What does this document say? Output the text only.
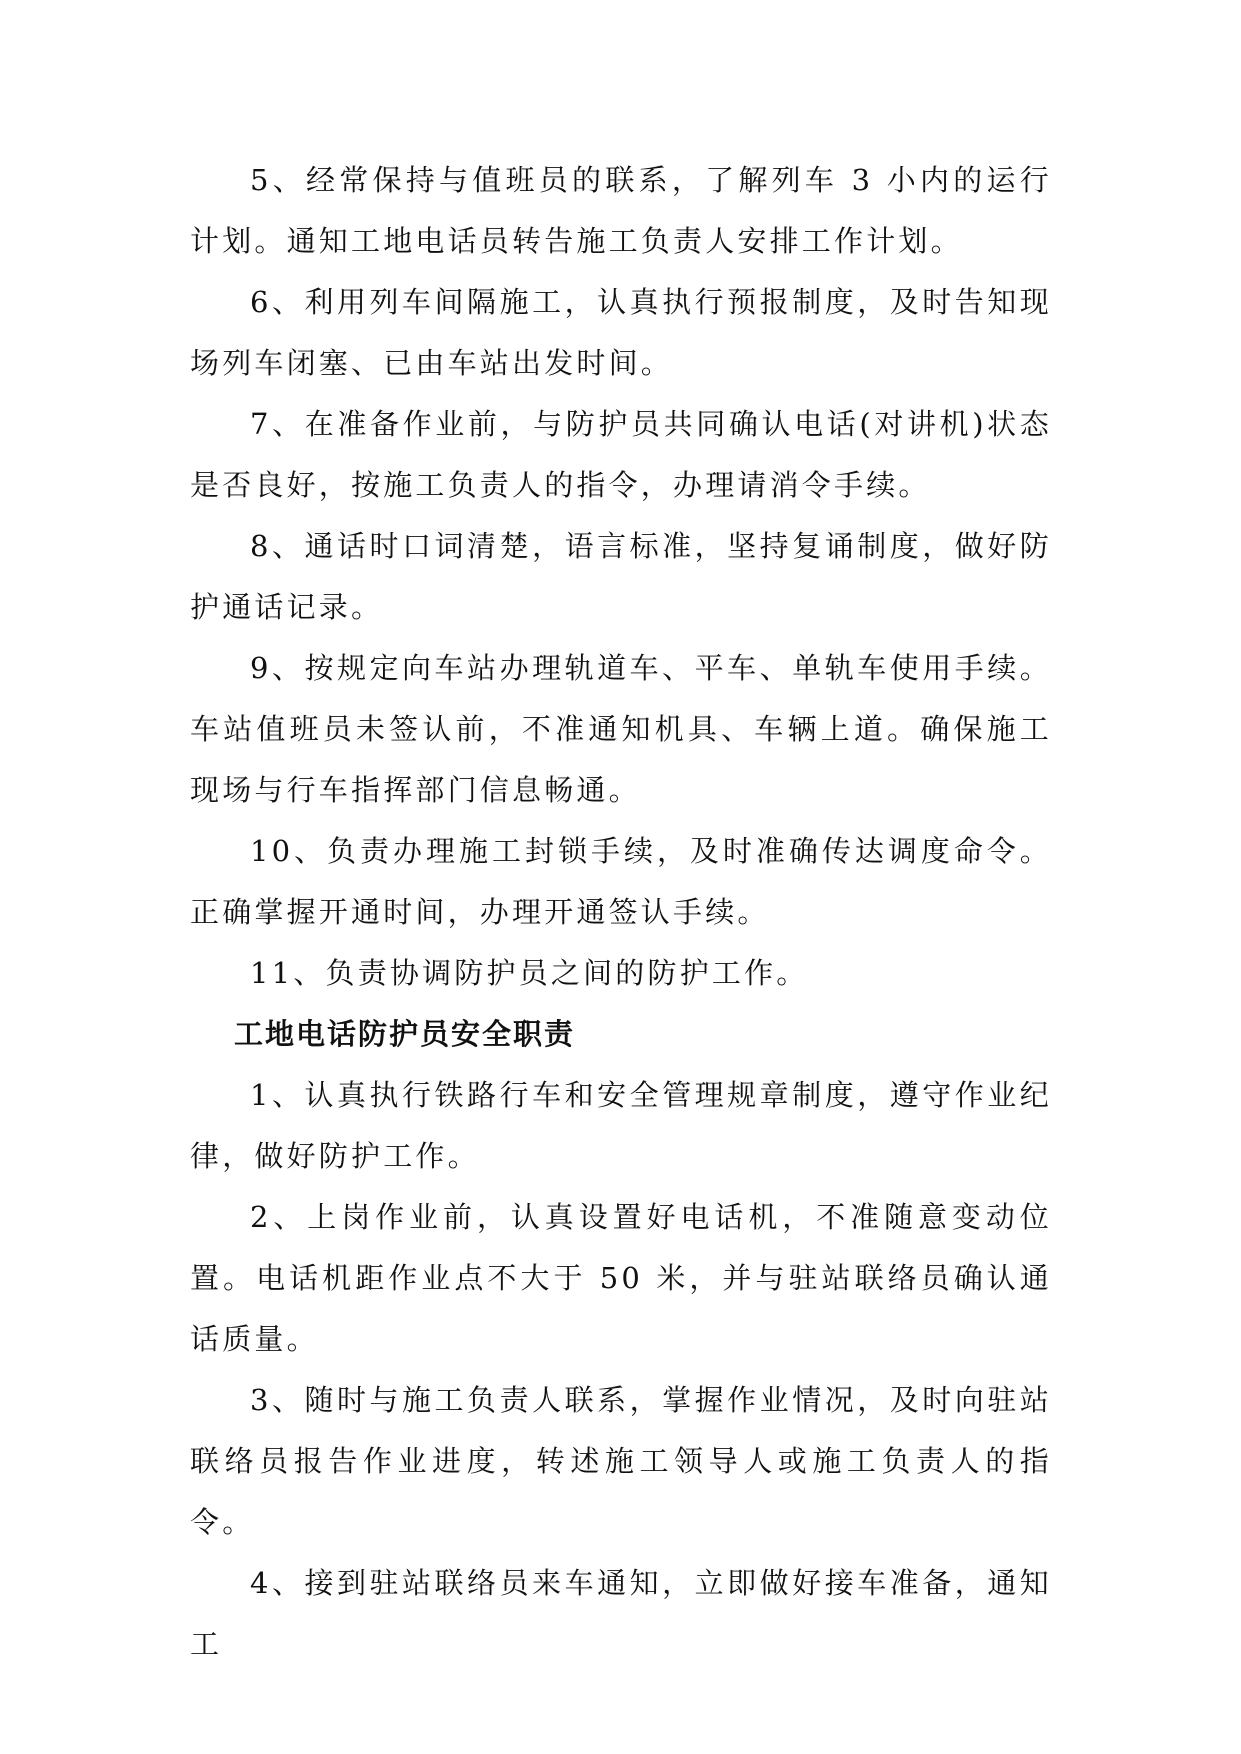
5、经常保持与值班员的联系，了解列车 3 小内的运行计划。通知工地电话员转告施工负责人安排工作计划。

6、利用列车间隔施工，认真执行预报制度，及时告知现场列车闭塞、已由车站出发时间。

7、在准备作业前，与防护员共同确认电话(对讲机)状态是否良好，按施工负责人的指令，办理请消令手续。

8、通话时口词清楚，语言标准，坚持复诵制度，做好防护通话记录。

9、按规定向车站办理轨道车、平车、单轨车使用手续。车站值班员未签认前，不准通知机具、车辆上道。确保施工现场与行车指挥部门信息畅通。

10、负责办理施工封锁手续，及时准确传达调度命令。正确掌握开通时间，办理开通签认手续。

11、负责协调防护员之间的防护工作。

工地电话防护员安全职责

1、认真执行铁路行车和安全管理规章制度，遵守作业纪律，做好防护工作。

2、上岗作业前，认真设置好电话机，不准随意变动位置。电话机距作业点不大于 50 米，并与驻站联络员确认通话质量。

3、随时与施工负责人联系，掌握作业情况，及时向驻站联络员报告作业进度，转述施工领导人或施工负责人的指令。

4、接到驻站联络员来车通知，立即做好接车准备，通知工
